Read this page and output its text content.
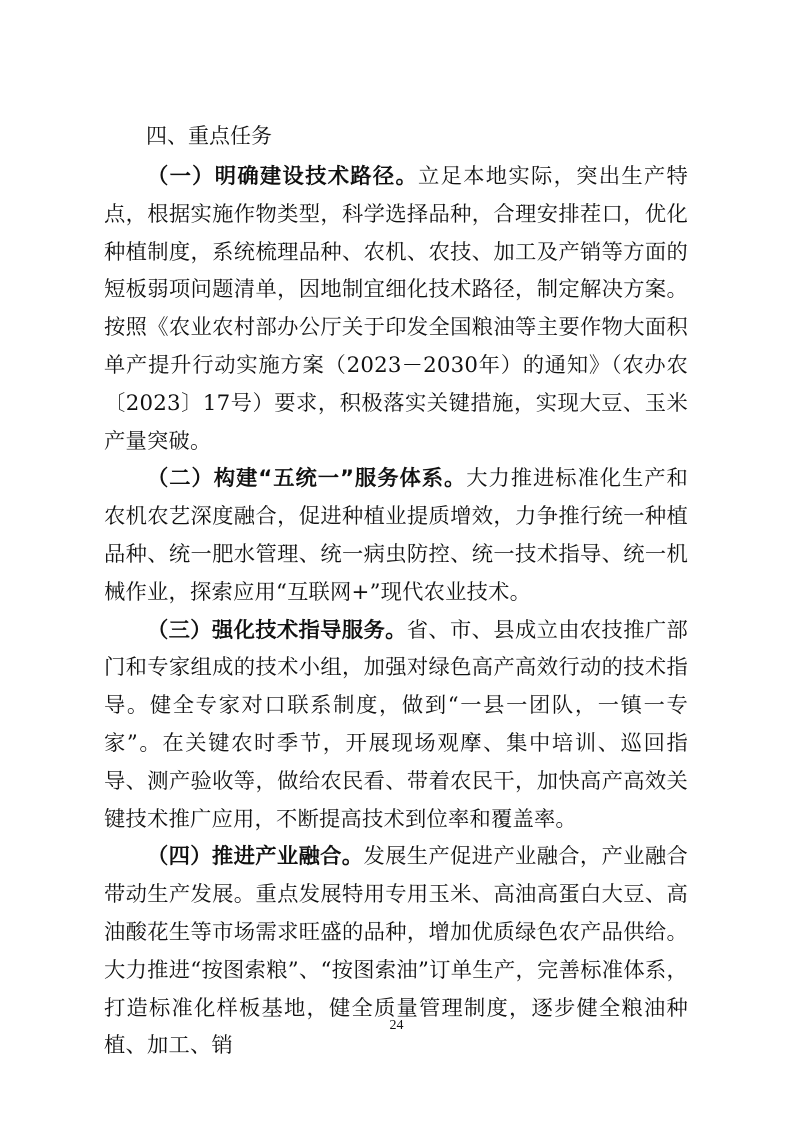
四、重点任务

（一）明确建设技术路径。立足本地实际，突出生产特点，根据实施作物类型，科学选择品种，合理安排茬口，优化种植制度，系统梳理品种、农机、农技、加工及产销等方面的短板弱项问题清单，因地制宜细化技术路径，制定解决方案。按照《农业农村部办公厅关于印发全国粮油等主要作物大面积单产提升行动实施方案（2023－2030年）的通知》（农办农〔2023〕17号）要求，积极落实关键措施，实现大豆、玉米产量突破。

（二）构建“五统一”服务体系。大力推进标准化生产和农机农艺深度融合，促进种植业提质增效，力争推行统一种植品种、统一肥水管理、统一病虫防控、统一技术指导、统一机械作业，探索应用“互联网+”现代农业技术。

（三）强化技术指导服务。省、市、县成立由农技推广部门和专家组成的技术小组，加强对绿色高产高效行动的技术指导。健全专家对口联系制度，做到“一县一团队，一镇一专家”。在关键农时季节，开展现场观摩、集中培训、巡回指导、测产验收等，做给农民看、带着农民干，加快高产高效关键技术推广应用，不断提高技术到位率和覆盖率。

（四）推进产业融合。发展生产促进产业融合，产业融合带动生产发展。重点发展特用专用玉米、高油高蛋白大豆、高油酸花生等市场需求旺盛的品种，增加优质绿色农产品供给。大力推进“按图索粮”、“按图索油”订单生产，完善标准体系，打造标准化样板基地，健全质量管理制度，逐步健全粮油种植、加工、销

24
